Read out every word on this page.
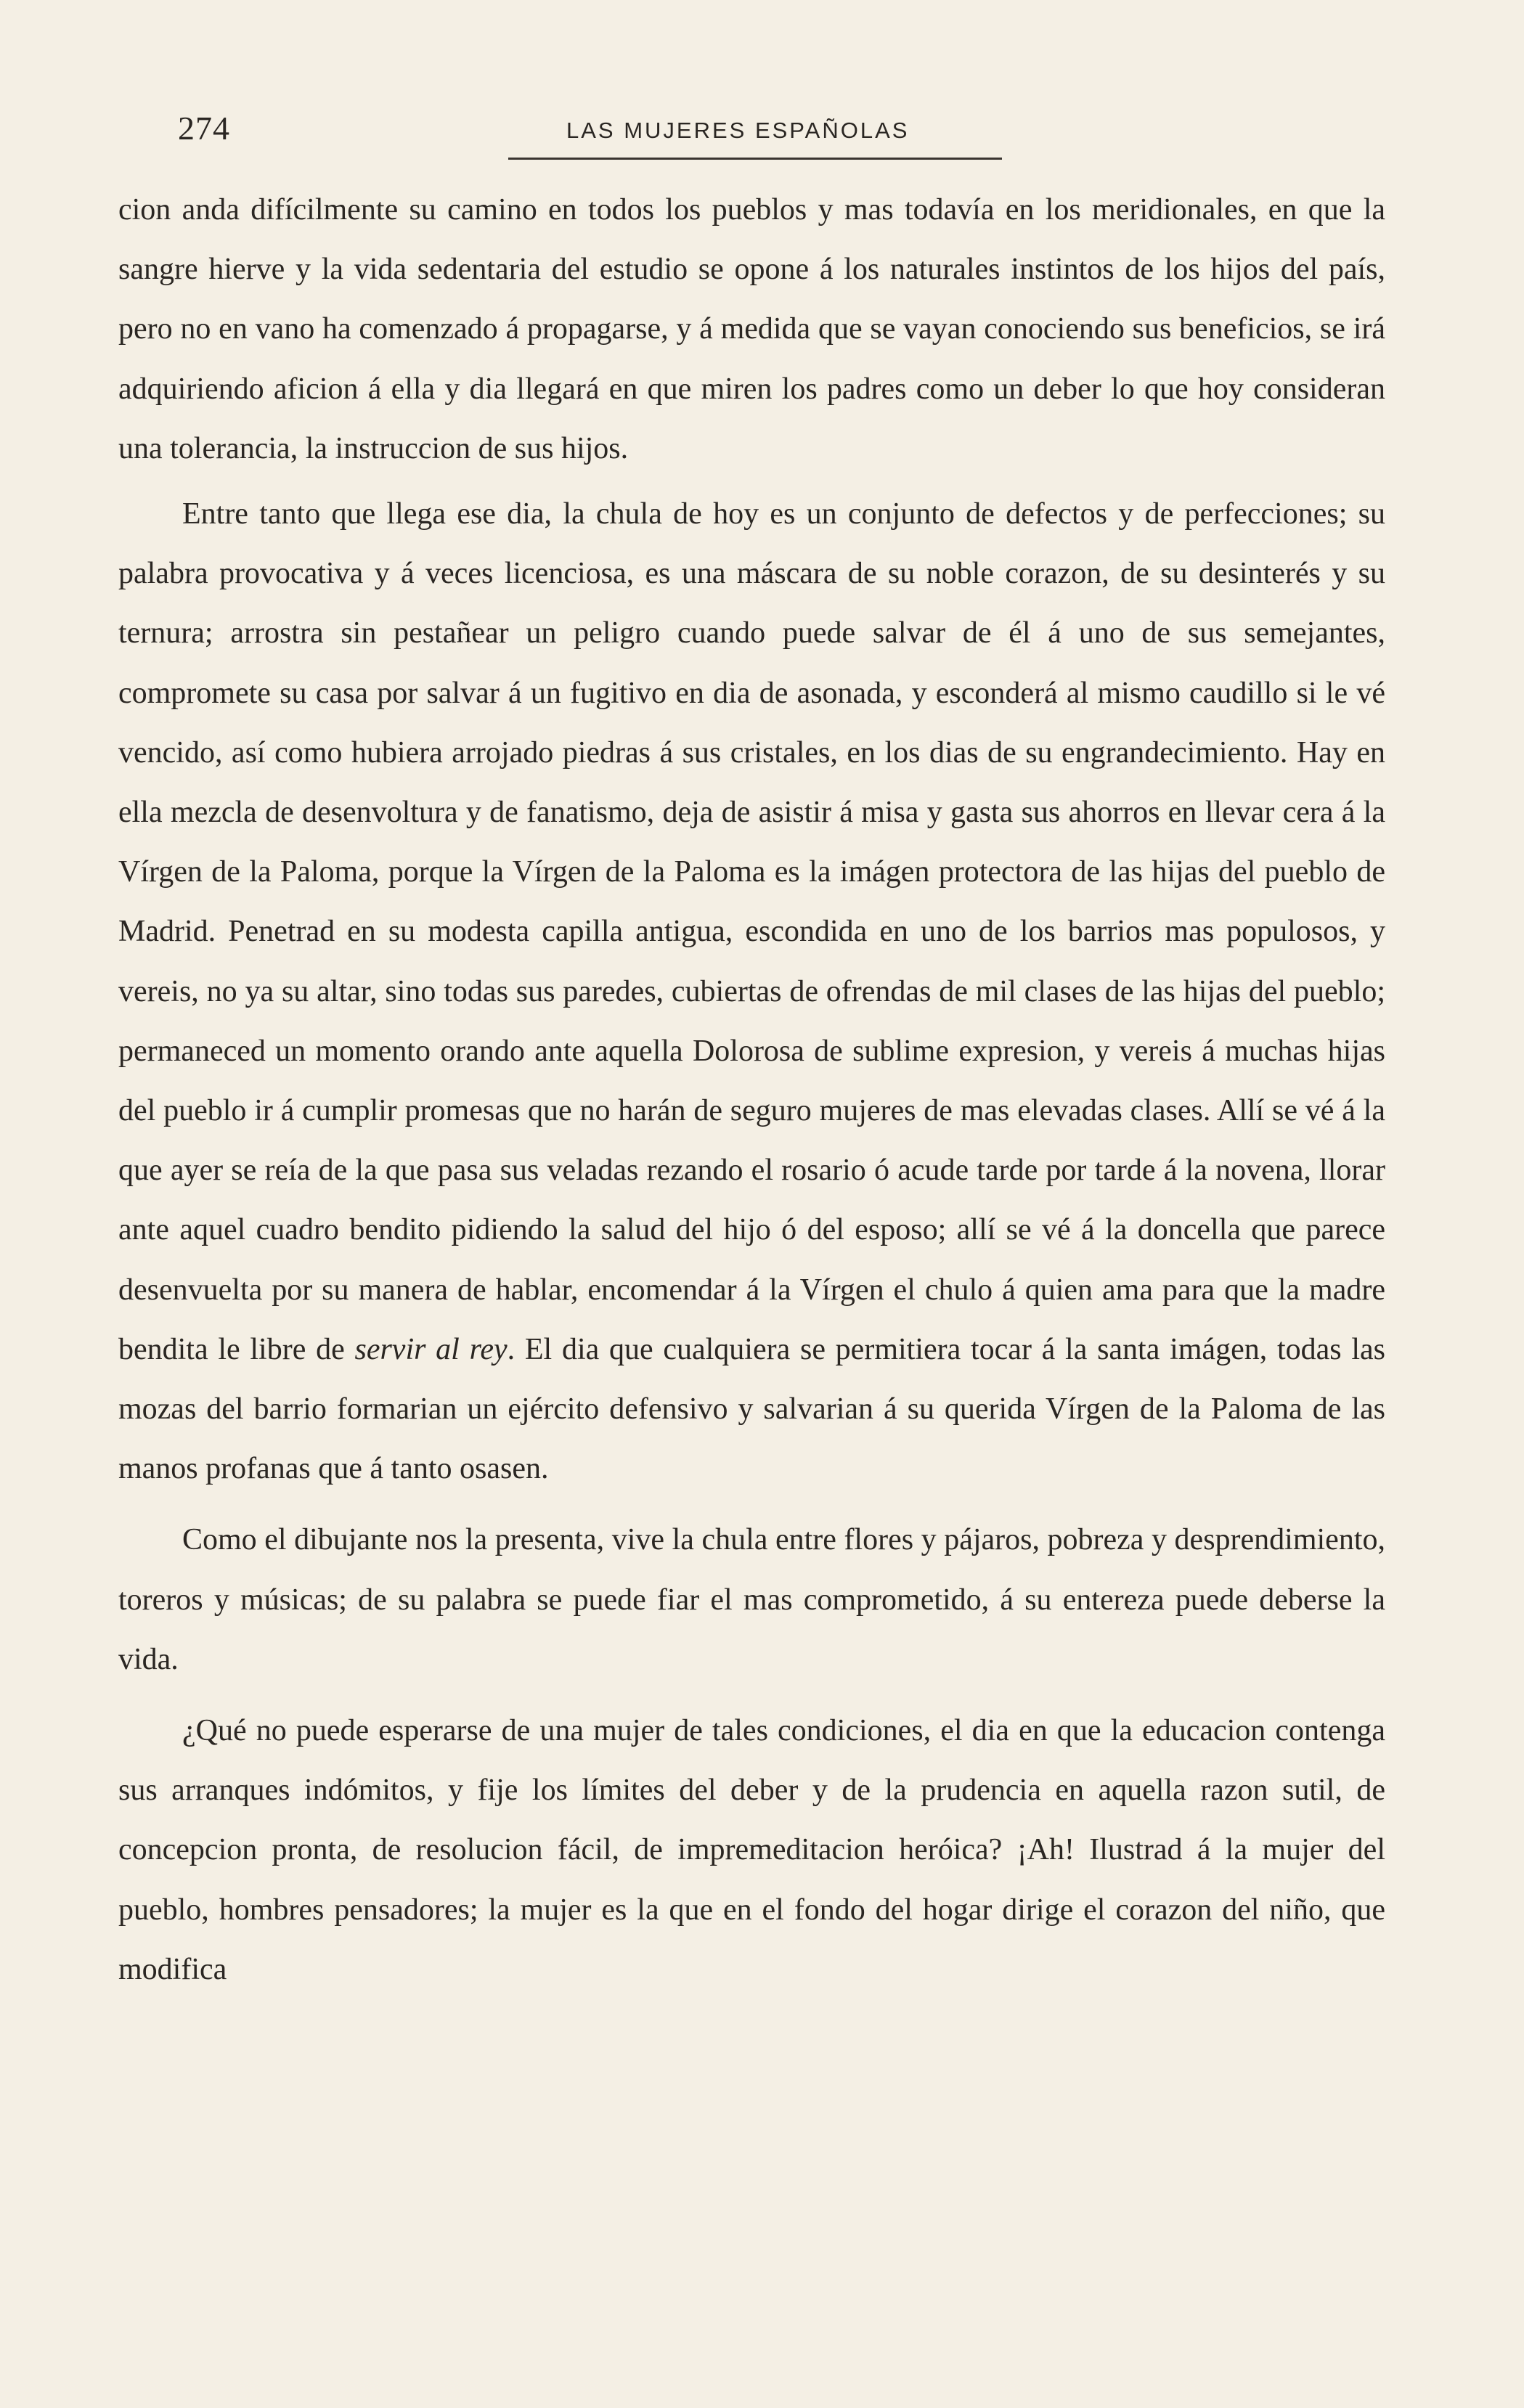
274	LAS MUJERES ESPAÑOLAS

cion anda difícilmente su camino en todos los pueblos y mas todavía en los meridionales, en que la sangre hierve y la vida sedentaria del estudio se opone á los naturales instintos de los hijos del país, pero no en vano ha comenzado á propagarse, y á medida que se vayan conociendo sus beneficios, se irá adquiriendo aficion á ella y dia llegará en que miren los padres como un deber lo que hoy consideran una tolerancia, la instruccion de sus hijos.

Entre tanto que llega ese dia, la chula de hoy es un conjunto de defectos y de perfecciones; su palabra provocativa y á veces licenciosa, es una máscara de su noble corazon, de su desinterés y su ternura; arrostra sin pestañear un peligro cuando puede salvar de él á uno de sus semejantes, compromete su casa por salvar á un fugitivo en dia de asonada, y esconderá al mismo caudillo si le vé vencido, así como hubiera arrojado piedras á sus cristales, en los dias de su engrandecimiento. Hay en ella mezcla de desenvoltura y de fanatismo, deja de asistir á misa y gasta sus ahorros en llevar cera á la Vírgen de la Paloma, porque la Vírgen de la Paloma es la imágen protectora de las hijas del pueblo de Madrid. Penetrad en su modesta capilla antigua, escondida en uno de los barrios mas populosos, y vereis, no ya su altar, sino todas sus paredes, cubiertas de ofrendas de mil clases de las hijas del pueblo; permaneced un momento orando ante aquella Dolorosa de sublime expresion, y vereis á muchas hijas del pueblo ir á cumplir promesas que no harán de seguro mujeres de mas elevadas clases. Allí se vé á la que ayer se reía de la que pasa sus veladas rezando el rosario ó acude tarde por tarde á la novena, llorar ante aquel cuadro bendito pidiendo la salud del hijo ó del esposo; allí se vé á la doncella que parece desenvuelta por su manera de hablar, encomendar á la Vírgen el chulo á quien ama para que la madre bendita le libre de servir al rey. El dia que cualquiera se permitiera tocar á la santa imágen, todas las mozas del barrio formarian un ejército defensivo y salvarian á su querida Vírgen de la Paloma de las manos profanas que á tanto osasen.

Como el dibujante nos la presenta, vive la chula entre flores y pájaros, pobreza y desprendimiento, toreros y músicas; de su palabra se puede fiar el mas comprometido, á su entereza puede deberse la vida.

¿Qué no puede esperarse de una mujer de tales condiciones, el dia en que la educacion contenga sus arranques indómitos, y fije los límites del deber y de la prudencia en aquella razon sutil, de concepcion pronta, de resolucion fácil, de impremeditacion heróica? ¡Ah! Ilustrad á la mujer del pueblo, hombres pensadores; la mujer es la que en el fondo del hogar dirige el corazon del niño, que modifica
